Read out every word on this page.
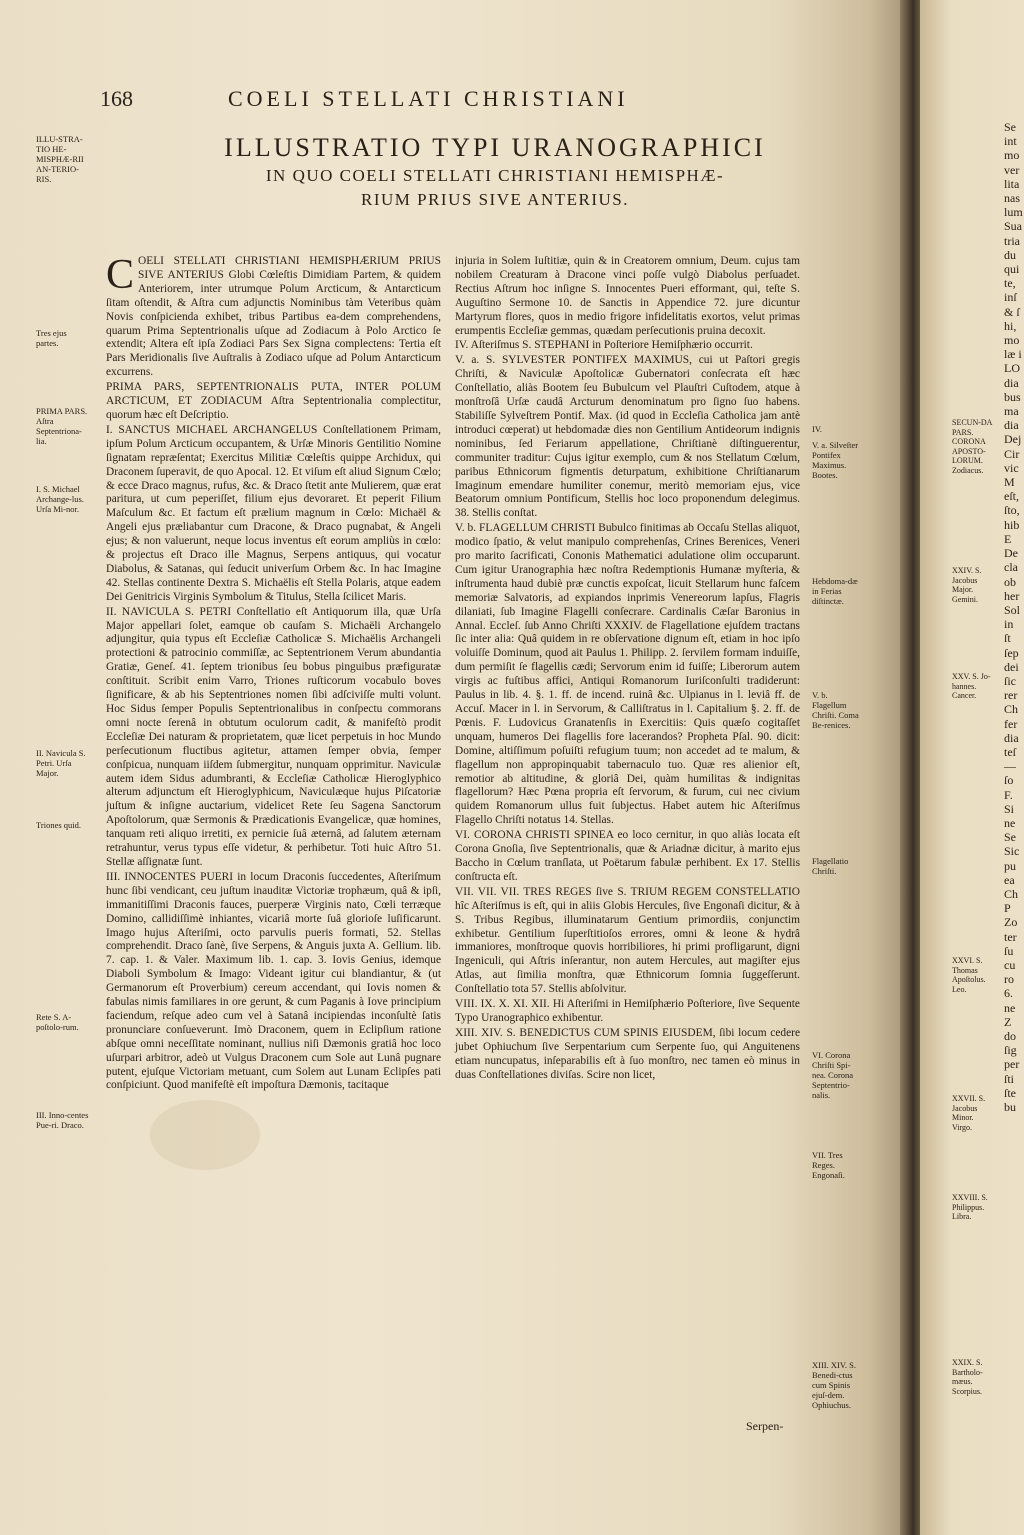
168	COELI STELLATI CHRISTIANI
ILLUSTRATIO TYPI URANOGRAPHICI
IN QUO COELI STELLATI CHRISTIANI HEMISPHÆ-
RIUM PRIUS SIVE ANTERIUS.
ILLU-STRA-TIO HE-MISPHÆ-RII AN-TERIO-RIS.
Tres ejus partes.
PRIMA PARS. Aſtra Septentriona-lia.
I. S. Michael Archange-lus. Urſa Mi-nor.
II. Navicula S. Petri. Urſa Major.
Triones quid.
Rete S. A-poſtolo-rum.
III. Inno-centes Pue-ri. Draco.

COELI STELLATI CHRISTIANI HEMISPHÆRIUM PRIUS SIVE ANTERIUS Globi Cœleſtis Dimidiam Partem, & quidem Anteriorem, inter utrumque Polum Arcticum, & Antarcticum ſitam oſtendit, & Aſtra cum adjunctis Nominibus tàm Veteribus quàm Novis conſpicienda exhibet, tribus Partibus ea-dem comprehendens, quarum Prima Septentrionalis uſque ad Zodiacum à Polo Arctico ſe extendit; Altera eſt ipſa Zodiaci Pars Sex Signa complectens: Tertia eſt Pars Meridionalis ſive Auſtralis à Zodiaco uſque ad Polum Antarcticum excurrens.

PRIMA PARS, SEPTENTRIONALIS PUTA, INTER POLUM ARCTICUM, ET ZODIACUM Aſtra Septentrionalia complectitur, quorum hæc eſt Deſcriptio.

I. SANCTUS MICHAEL ARCHANGELUS Conſtellationem Primam, ipſum Polum Arcticum occupantem, & Urſæ Minoris Gentilitio Nomine ſignatam repræſentat; Exercitus Militiæ Cœleſtis quippe Archidux, qui Draconem ſuperavit, de quo Apocal. 12. Et viſum eſt aliud Signum Cœlo; & ecce Draco magnus, rufus, &c. & Draco ſtetit ante Mulierem, quæ erat paritura, ut cum peperiſſet, filium ejus devoraret. Et peperit Filium Maſculum &c. Et factum eſt prælium magnum in Cœlo: Michaël & Angeli ejus præliabantur cum Dracone, & Draco pugnabat, & Angeli ejus; & non valuerunt, neque locus inventus eſt eorum ampliùs in cœlo: & projectus eſt Draco ille Magnus, Serpens antiquus, qui vocatur Diabolus, & Satanas, qui ſeducit univerſum Orbem &c. In hac Imagine 42. Stellas continente Dextra S. Michaëlis eſt Stella Polaris, atque eadem Dei Genitricis Virginis Symbolum & Titulus, Stella ſcilicet Maris.

II. NAVICULA S. PETRI Conſtellatio eſt Antiquorum illa, quæ Urſa Major appellari ſolet, eamque ob cauſam S. Michaëli Archangelo adjungitur, quia typus eſt Eccleſiæ Catholicæ S. Michaëlis Archangeli protectioni & patrocinio commiſſæ, ac Septentrionem Verum abundantia Gratiæ, Geneſ. 41. ſeptem trionibus ſeu bobus pinguibus præfiguratæ conſtituit. Scribit enim Varro, Triones ruſticorum vocabulo boves ſignificare, & ab his Septentriones nomen ſibi adſciviſſe multi volunt. Hoc Sidus ſemper Populis Septentrionalibus in conſpectu commorans omni nocte ſerenâ in obtutum oculorum cadit, & manifeſtò prodit Eccleſiæ Dei naturam & proprietatem, quæ licet perpetuis in hoc Mundo perſecutionum fluctibus agitetur, attamen ſemper obvia, ſemper conſpicua, nunquam iiſdem ſubmergitur, nunquam opprimitur. Naviculæ autem idem Sidus adumbranti, & Eccleſiæ Catholicæ Hieroglyphico alterum adjunctum eſt Hieroglyphicum, Naviculæque hujus Piſcatoriæ juſtum & inſigne auctarium, videlicet Rete ſeu Sagena Sanctorum Apoſtolorum, quæ Sermonis & Prædicationis Evangelicæ, quæ homines, tanquam reti aliquo irretiti, ex pernicie ſuâ æternâ, ad ſalutem æternam retrahuntur, verus typus eſſe videtur, & perhibetur. Toti huic Aſtro 51. Stellæ aſſignatæ ſunt.

III. INNOCENTES PUERI in locum Draconis ſuccedentes, Aſteriſmum hunc ſibi vendicant, ceu juſtum inauditæ Victoriæ trophæum, quâ & ipſi, immanitiſſimi Draconis fauces, puerperæ Virginis nato, Cœli terræque Domino, callidiſſimè inhiantes, vicariâ morte ſuâ glorioſe luſificarunt. Imago hujus Aſteriſmi, octo parvulis pueris formati, 52. Stellas comprehendit. Draco ſanè, ſive Serpens, & Anguis juxta A. Gellium. lib. 7. cap. 1. & Valer. Maximum lib. 1. cap. 3. Iovis Genius, idemque Diaboli Symbolum & Imago: Videant igitur cui blandiantur, & (ut Germanorum eſt Proverbium) cereum accendant, qui Iovis nomen & fabulas nimis familiares in ore gerunt, & cum Paganis à Iove principium faciendum, reſque adeo cum vel à Satanâ incipiendas inconſultè ſatis pronunciare conſueverunt. Imò Draconem, quem in Eclipſium ratione abſque omni neceſſitate nominant, nullius niſi Dæmonis gratiâ hoc loco uſurpari arbitror, adeò ut Vulgus Draconem cum Sole aut Lunâ pugnare putent, ejuſque Victoriam metuant, cum Solem aut Lunam Eclipſes pati conſpiciunt. Quod manifeſtè eſt impoſtura Dæmonis, tacitaque

injuria in Solem Iuſtitiæ, quin & in Creatorem omnium, Deum. cujus tam nobilem Creaturam à Dracone vinci poſſe vulgò Diabolus perſuadet. Rectius Aſtrum hoc inſigne S. Innocentes Pueri efformant, qui, teſte S. Auguſtino Sermone 10. de Sanctis in Appendice 72. jure dicuntur Martyrum flores, quos in medio frigore infidelitatis exortos, velut primas erumpentis Eccleſiæ gemmas, quædam perſecutionis pruina decoxit.

IV. Aſteriſmus S. STEPHANI in Poſteriore Hemiſphærio occurrit.

V. a. S. SYLVESTER PONTIFEX MAXIMUS, cui ut Paſtori gregis Chriſti, & Naviculæ Apoſtolicæ Gubernatori conſecrata eſt hæc Conſtellatio, aliàs Bootem ſeu Bubulcum vel Plauſtri Cuſtodem, atque à monſtroſâ Urſæ caudâ Arcturum denominatum pro ſigno ſuo habens. Stabiliſſe Sylveſtrem Pontif. Max. (id quod in Eccleſia Catholica jam antè introduci cœperat) ut hebdomadæ dies non Gentilium Antideorum indignis nominibus, ſed Feriarum appellatione, Chriſtianè diſtinguerentur, communiter traditur: Cujus igitur exemplo, cum & nos Stellatum Cœlum, paribus Ethnicorum figmentis deturpatum, exhibitione Chriſtianarum Imaginum emendare humiliter conemur, meritò memoriam ejus, vice Beatorum omnium Pontificum, Stellis hoc loco proponendum delegimus. 38. Stellis conſtat.

V. b. FLAGELLUM CHRISTI Bubulco finitimas ab Occaſu Stellas aliquot, modico ſpatio, & velut manipulo comprehenſas, Crines Berenices, Veneri pro marito ſacrificati, Cononis Mathematici adulatione olim occuparunt. Cum igitur Uranographia hæc noſtra Redemptionis Humanæ myſteria, & inſtrumenta haud dubiè præ cunctis expoſcat, licuit Stellarum hunc faſcem memoriæ Salvatoris, ad expiandos inprimis Venereorum lapſus, Flagris dilaniati, ſub Imagine Flagelli conſecrare. Cardinalis Cæſar Baronius in Annal. Eccleſ. ſub Anno Chriſti XXXIV. de Flagellatione ejuſdem tractans ſic inter alia: Quâ quidem in re obſervatione dignum eſt, etiam in hoc ipſo voluiſſe Dominum, quod ait Paulus 1. Philipp. 2. ſervilem formam induiſſe, dum permiſit ſe flagellis cædi; Servorum enim id fuiſſe; Liberorum autem virgis ac fuſtibus affici, Antiqui Romanorum Iuriſconſulti tradiderunt: Paulus in lib. 4. §. 1. ff. de incend. ruinâ &c. Ulpianus in l. leviâ ff. de Accuſ. Macer in l. in Servorum, & Calliſtratus in l. Capitalium §. 2. ff. de Pœnis. F. Ludovicus Granatenſis in Exercitiis: Quis quæſo cogitaſſet unquam, humeros Dei flagellis fore lacerandos? Propheta Pſal. 90. dicit: Domine, altiſſimum poſuiſti refugium tuum; non accedet ad te malum, & flagellum non appropinquabit tabernaculo tuo. Quæ res alienior eſt, remotior ab altitudine, & gloriâ Dei, quàm humilitas & indignitas flagellorum? Hæc Pœna propria eſt ſervorum, & furum, cui nec civium quidem Romanorum ullus fuit ſubjectus. Habet autem hic Aſteriſmus Flagello Chriſti notatus 14. Stellas.

VI. CORONA CHRISTI SPINEA eo loco cernitur, in quo aliàs locata eſt Corona Gnoſia, ſive Septentrionalis, quæ & Ariadnæ dicitur, à marito ejus Baccho in Cœlum tranſlata, ut Poëtarum fabulæ perhibent. Ex 17. Stellis conſtructa eſt.

VII. VII. VII. TRES REGES ſive S. TRIUM REGEM CONSTELLATIO hîc Aſteriſmus is eſt, qui in aliis Globis Hercules, ſive Engonaſi dicitur, & à S. Tribus Regibus, illuminatarum Gentium primordiis, conjunctim exhibetur. Gentilium ſuperſtitioſos errores, omni & leone & hydrâ immaniores, monſtroque quovis horribiliores, hi primi profligarunt, digni Ingeniculi, qui Aſtris inſerantur, non autem Hercules, aut magiſter ejus Atlas, aut ſimilia monſtra, quæ Ethnicorum ſomnia ſuggeſſerunt. Conſtellatio tota 57. Stellis abſolvitur.

VIII. IX. X. XI. XII. Hi Aſteriſmi in Hemiſphærio Poſteriore, ſive Sequente Typo Uranographico exhibentur.

XIII. XIV. S. BENEDICTUS CUM SPINIS EIUSDEM, ſibi locum cedere jubet Ophiuchum ſive Serpentarium cum Serpente ſuo, qui Anguitenens etiam nuncupatus, inſeparabilis eſt à ſuo monſtro, nec tamen eò minus in duas Conſtellationes diviſas. Scire non licet,

IV.
V. a. Silveſter Pontifex Maximus. Bootes.
Hebdoma-dæ in Ferias diſtinctæ.
V. b. Flagellum Chriſti. Coma Be-renices.
Flagellatio Chriſti.
VI. Corona Chriſti Spi-nea. Corona Septentrio-nalis.
VII. Tres Reges. Engonaſi.
XIII. XIV. S. Benedi-ctus cum Spinis ejuſ-dem. Ophiuchus.
Serpen-
SECUN-DA PARS. CORONA APOSTO-LORUM. Zodiacus.
XXIV. S. Jacobus Major. Gemini.
XXV. S. Jo-hannes. Cancer.
XXVI. S. Thomas Apoſtolus. Leo.
XXVII. S. Jacobus Minor. Virgo.
XXVIII. S. Philippus. Libra.
XXIX. S. Bartholo-mæus. Scorpius.
Se
int
mo
ver
lita
nas
lum
Sua
tria
du
qui
te,
inſ
& ſ
hi,
mo
læ i
LO
dia
bus
ma
dia
Dej
Cir
vic
M
eſt,
ſto,
hib
E
De
cla
ob
her
Sol
in
ſt
ſep
dei
ſic
rer
Ch
fer
dia
teſ
—
ſo
F.
Si
ne
Se
Sic
pu
ea
Ch
P
Zo
ter
ſu
cu
ro
6.
ne
Z
do
ſig
per
ſti
ſte
bu
